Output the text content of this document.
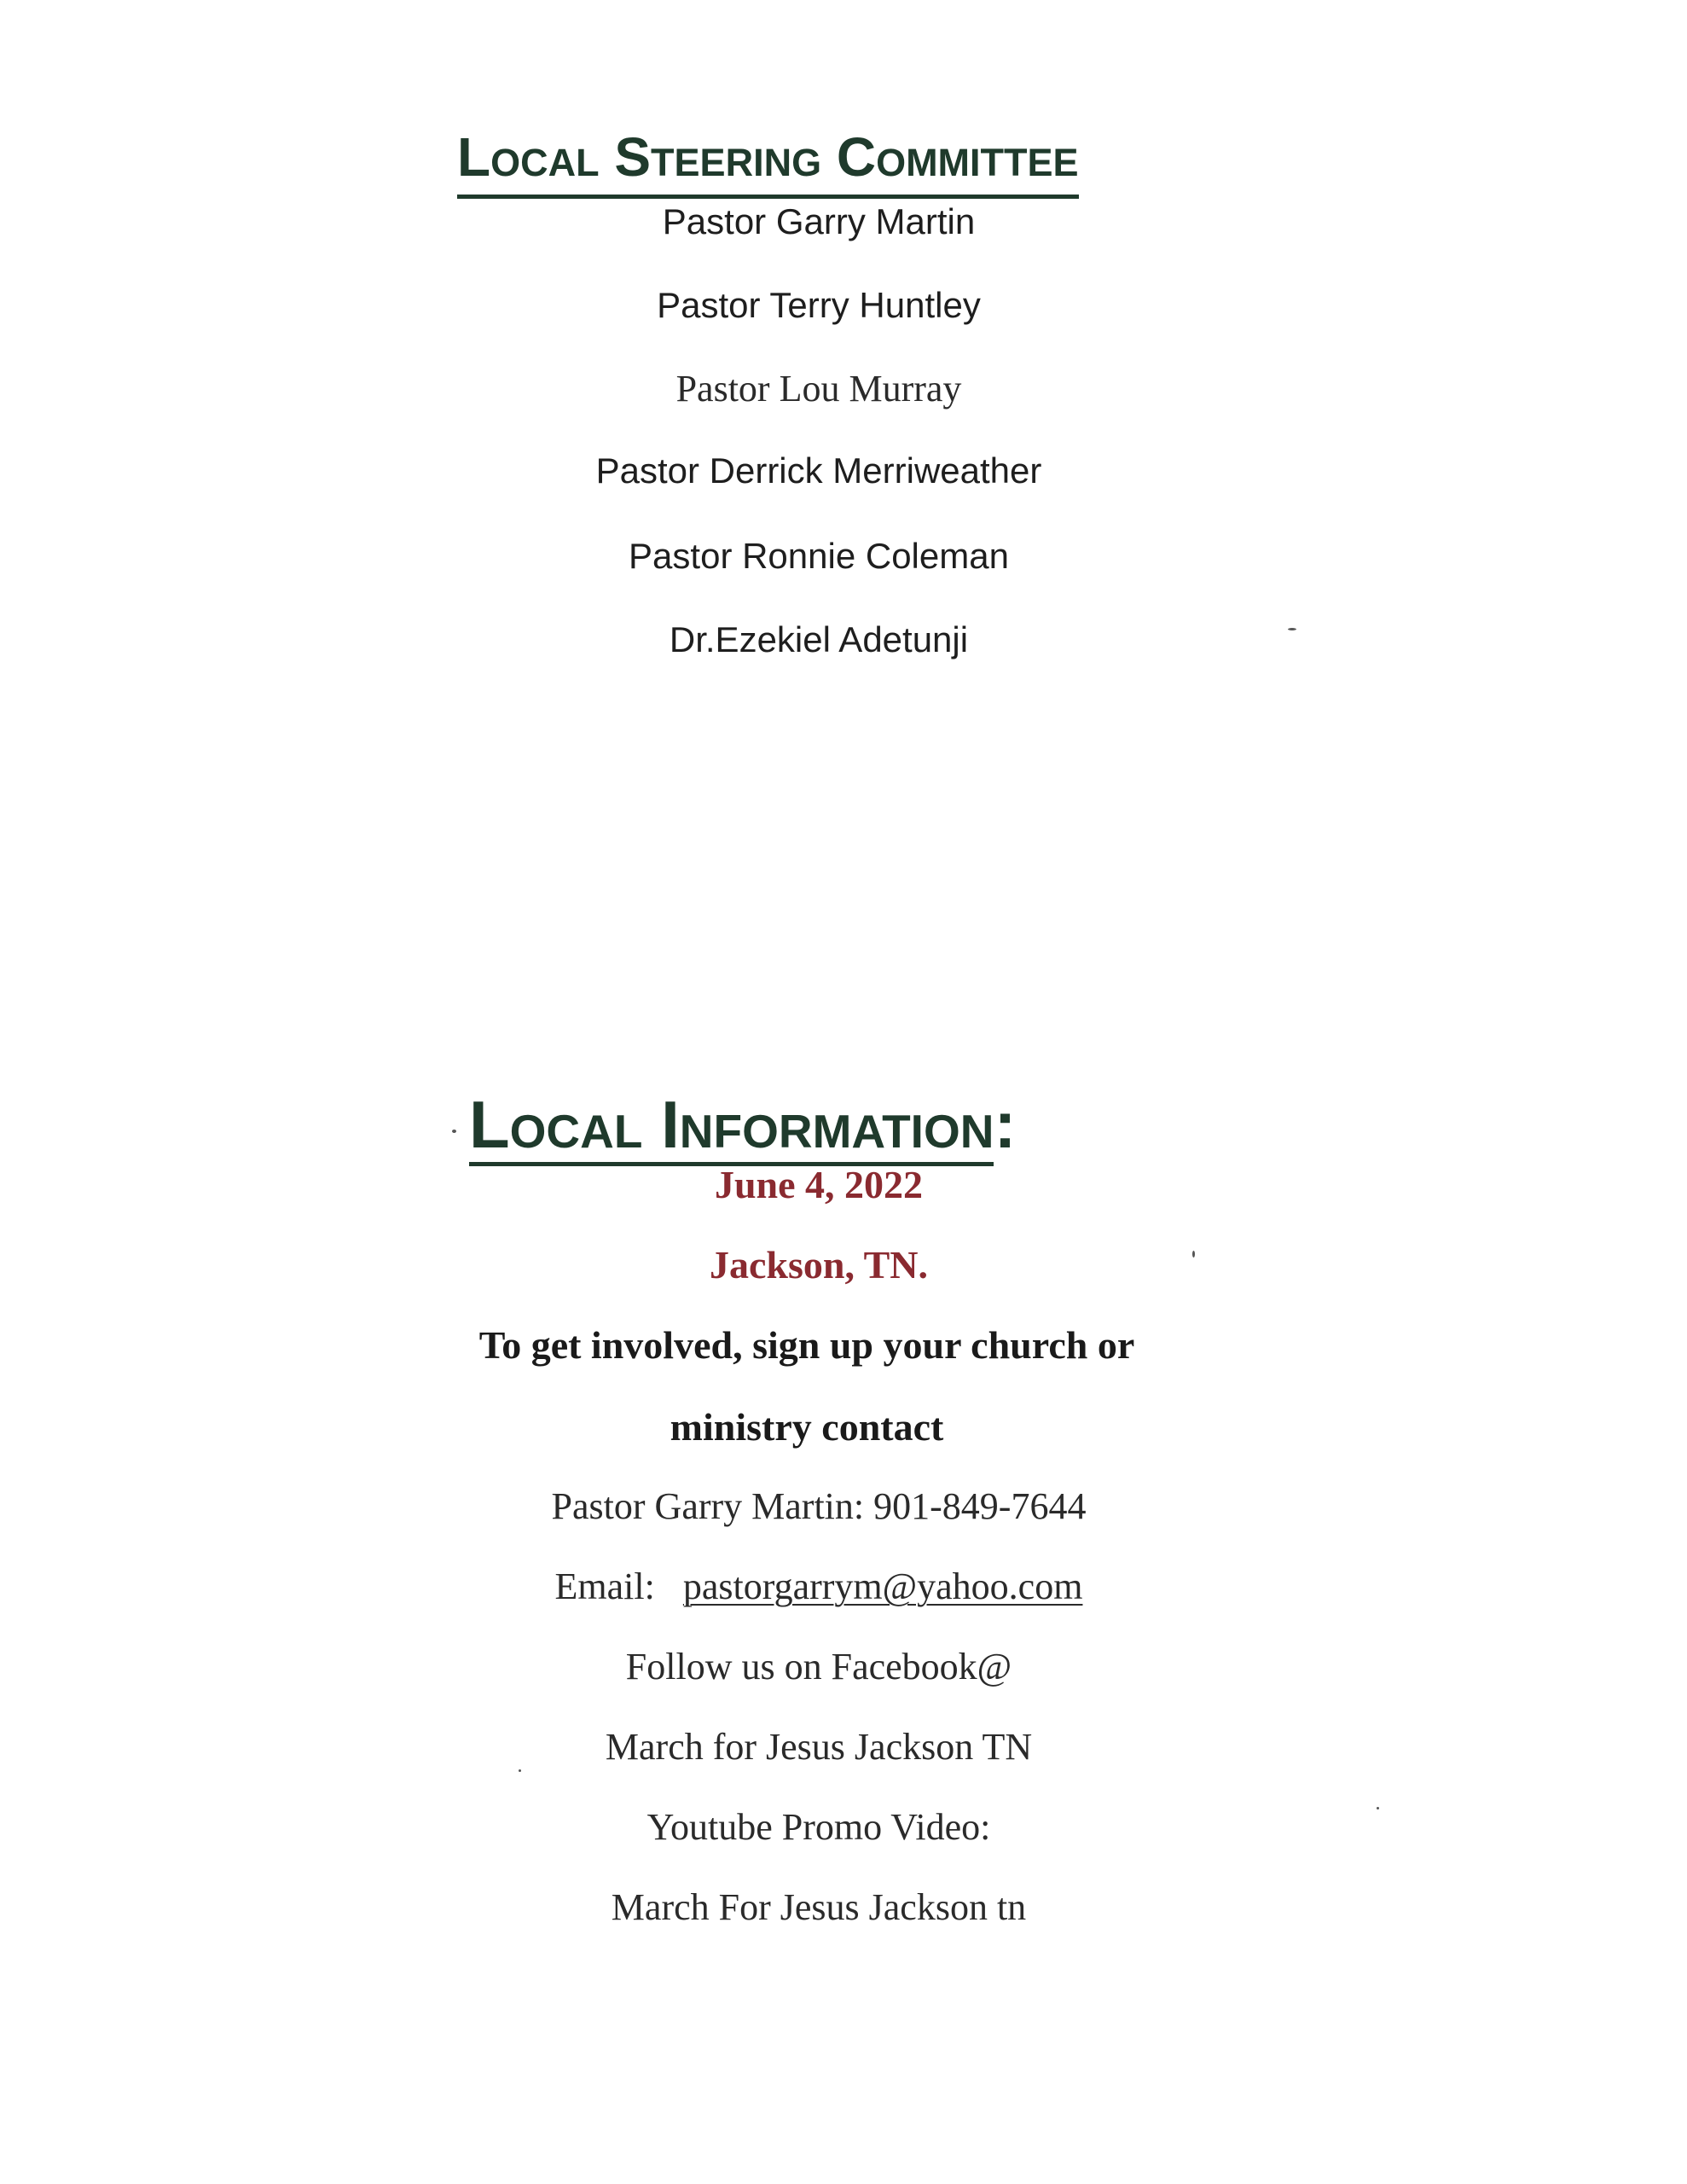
Local Steering Committee
Pastor Garry Martin
Pastor Terry Huntley
Pastor Lou Murray
Pastor Derrick Merriweather
Pastor Ronnie Coleman
Dr.Ezekiel Adetunji
Local Information:
June 4, 2022
Jackson, TN.
To get involved, sign up your church or
ministry contact
Pastor Garry Martin: 901-849-7644
Email: pastorgarrym@yahoo.com
Follow us on Facebook@
March for Jesus Jackson TN
Youtube Promo Video:
March For Jesus Jackson tn
